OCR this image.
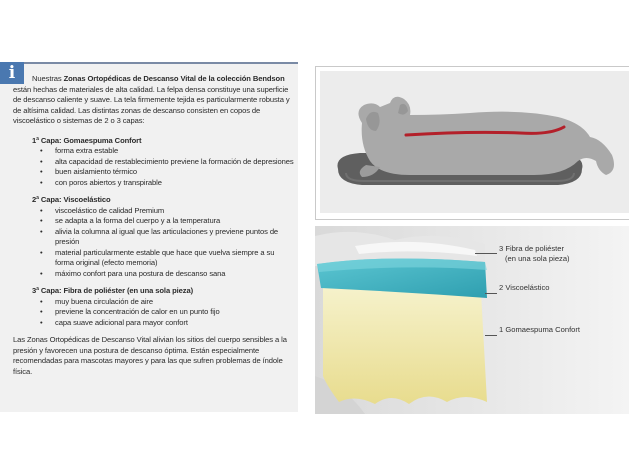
i	Nuestras Zonas Ortopédicas de Descanso Vital de la colección Bendson están hechas de materiales de alta calidad. La felpa densa constituye una superficie de descanso caliente y suave. La tela firmemente tejida es particularmente robusta y de altísima calidad. Las distintas zonas de descanso consisten en copos de viscoelástico o sistemas de 2 o 3 capas:

1ª Capa: Gomaespuma Confort

• forma extra estable
• alta capacidad de restablecimiento previene la formación de depresiones
• buen aislamiento térmico
• con poros abiertos y transpirable

2ª Capa: Viscoelástico

• viscoelástico de calidad Premium
• se adapta a la forma del cuerpo y a la temperatura
• alivia la columna al igual que las articulaciones y previene puntos de presión
• material particularmente estable que hace que vuelva siempre a su forma original (efecto memoria)
• máximo confort para una postura de descanso sana

3ª Capa: Fibra de poliéster (en una sola pieza)

• muy buena circulación de aire
• previene la concentración de calor en un punto fijo
• capa suave adicional para mayor confort

Las Zonas Ortopédicas de Descanso Vital alivian los sitios del cuerpo sensibles a la presión y favorecen una postura de descanso óptima. Están especialmente recomendadas para mascotas mayores y para las que sufren problemas de índole física.

3 Fibra de poliéster
(en una sola pieza)
2 Viscoelástico
1 Gomaespuma Confort
